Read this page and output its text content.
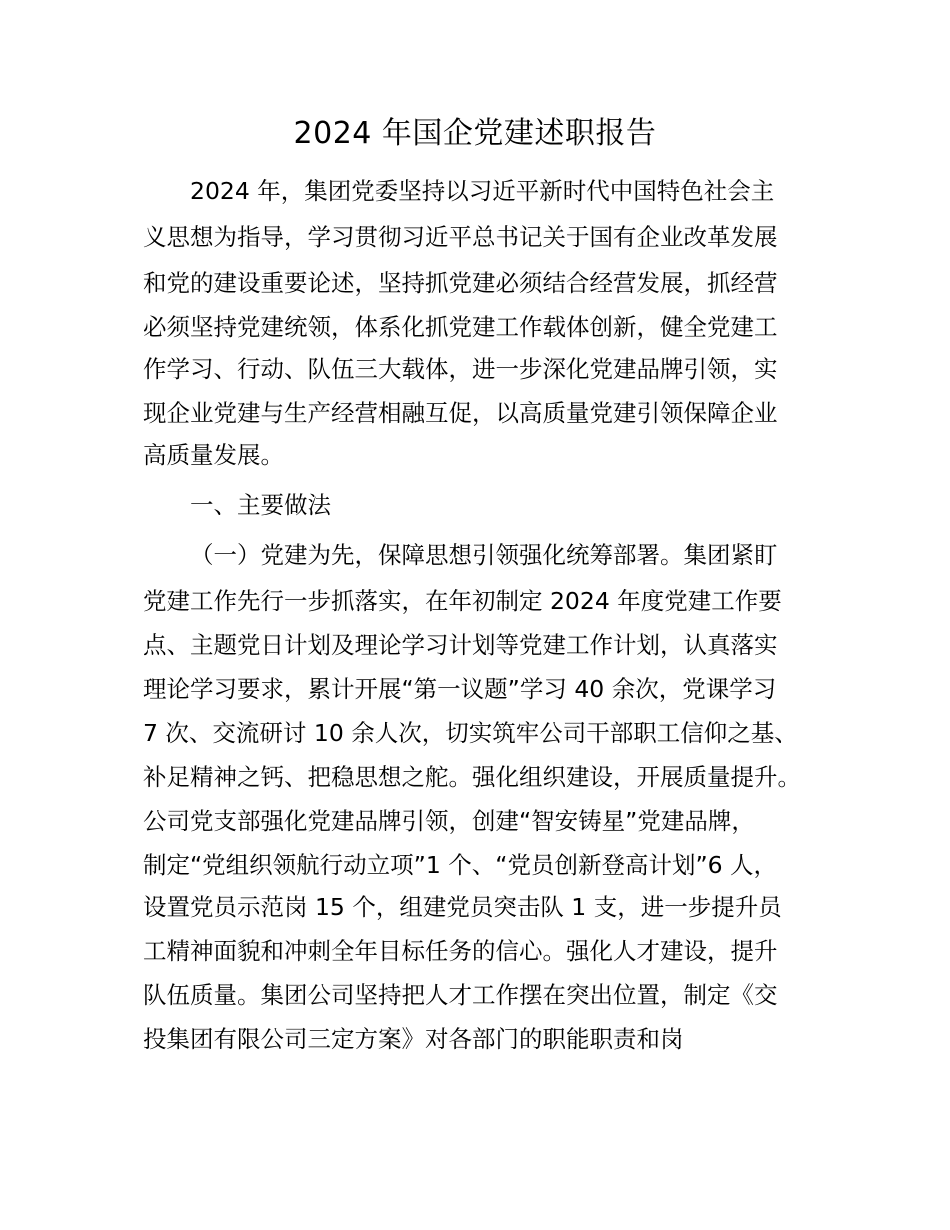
2024 年国企党建述职报告
2024 年，集团党委坚持以习近平新时代中国特色社会主
义思想为指导，学习贯彻习近平总书记关于国有企业改革发展
和党的建设重要论述，坚持抓党建必须结合经营发展，抓经营
必须坚持党建统领，体系化抓党建工作载体创新，健全党建工
作学习、行动、队伍三大载体，进一步深化党建品牌引领，实
现企业党建与生产经营相融互促，以高质量党建引领保障企业
高质量发展。
一、主要做法
（一）党建为先，保障思想引领强化统筹部署。集团紧盯
党建工作先行一步抓落实，在年初制定 2024 年度党建工作要
点、主题党日计划及理论学习计划等党建工作计划，认真落实
理论学习要求，累计开展“第一议题”学习 40 余次，党课学习
7 次、交流研讨 10 余人次，切实筑牢公司干部职工信仰之基、
补足精神之钙、把稳思想之舵。强化组织建设，开展质量提升。
公司党支部强化党建品牌引领，创建“智安铸星”党建品牌，
制定“党组织领航行动立项”1 个、“党员创新登高计划”6 人，
设置党员示范岗 15 个，组建党员突击队 1 支，进一步提升员
工精神面貌和冲刺全年目标任务的信心。强化人才建设，提升
队伍质量。集团公司坚持把人才工作摆在突出位置，制定《交
投集团有限公司三定方案》对各部门的职能职责和岗
